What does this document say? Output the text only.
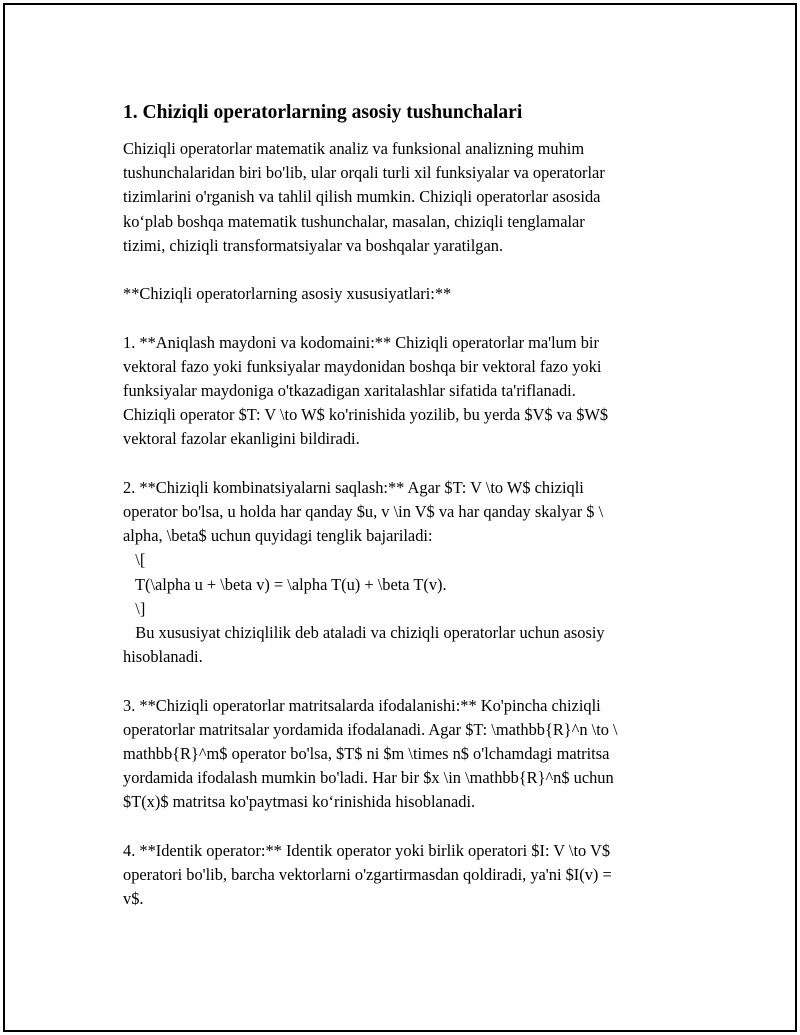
1. Chiziqli operatorlarning asosiy tushunchalari
Chiziqli operatorlar matematik analiz va funksional analizning muhim
tushunchalaridan biri bo'lib, ular orqali turli xil funksiyalar va operatorlar
tizimlarini o'rganish va tahlil qilish mumkin. Chiziqli operatorlar asosida
ko‘plab boshqa matematik tushunchalar, masalan, chiziqli tenglamalar
tizimi, chiziqli transformatsiyalar va boshqalar yaratilgan.
**Chiziqli operatorlarning asosiy xususiyatlari:**
1. **Aniqlash maydoni va kodomaini:** Chiziqli operatorlar ma'lum bir
vektoral fazo yoki funksiyalar maydonidan boshqa bir vektoral fazo yoki
funksiyalar maydoniga o'tkazadigan xaritalashlar sifatida ta'riflanadi.
Chiziqli operator $T: V \to W$ ko'rinishida yozilib, bu yerda $V$ va $W$
vektoral fazolar ekanligini bildiradi.
2. **Chiziqli kombinatsiyalarni saqlash:** Agar $T: V \to W$ chiziqli
operator bo'lsa, u holda har qanday $u, v \in V$ va har qanday skalyar $ \
alpha, \beta$ uchun quyidagi tenglik bajariladi:
\[
T(\alpha u + \beta v) = \alpha T(u) + \beta T(v).
\]
Bu xususiyat chiziqlilik deb ataladi va chiziqli operatorlar uchun asosiy
hisoblanadi.
3. **Chiziqli operatorlar matritsalarda ifodalanishi:** Ko'pincha chiziqli
operatorlar matritsalar yordamida ifodalanadi. Agar $T: \mathbb{R}^n \to \
mathbb{R}^m$ operator bo'lsa, $T$ ni $m \times n$ o'lchamdagi matritsa
yordamida ifodalash mumkin bo'ladi. Har bir $x \in \mathbb{R}^n$ uchun
$T(x)$ matritsa ko'paytmasi ko‘rinishida hisoblanadi.
4. **Identik operator:** Identik operator yoki birlik operatori $I: V \to V$
operatori bo'lib, barcha vektorlarni o'zgartirmasdan qoldiradi, ya'ni $I(v) =
v$.
